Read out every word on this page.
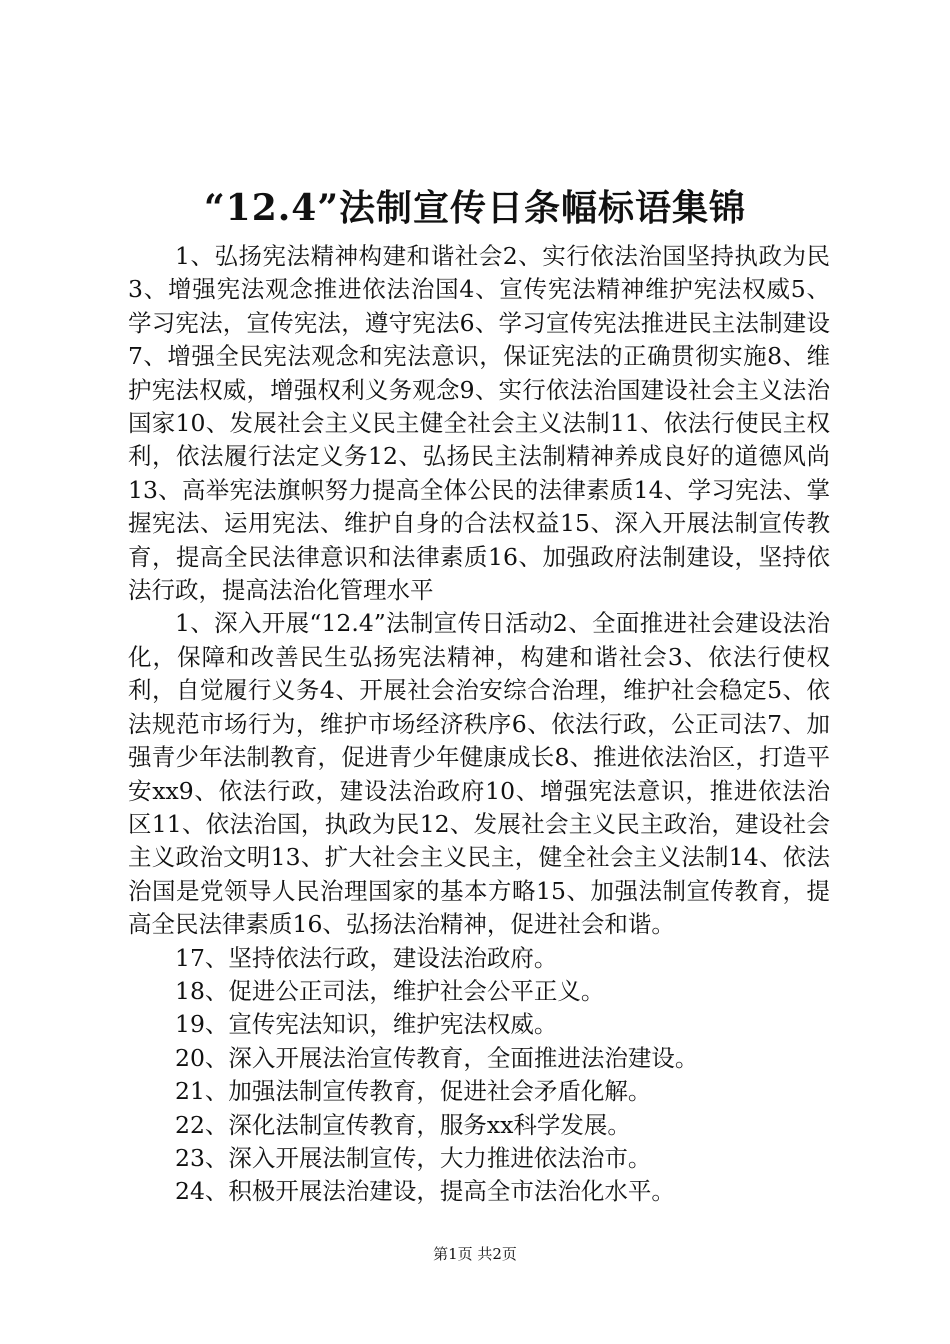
“12.4”法制宣传日条幅标语集锦

1、弘扬宪法精神构建和谐社会2、实行依法治国坚持执政为民3、增强宪法观念推进依法治国4、宣传宪法精神维护宪法权威5、学习宪法，宣传宪法，遵守宪法6、学习宣传宪法推进民主法制建设7、增强全民宪法观念和宪法意识，保证宪法的正确贯彻实施8、维护宪法权威，增强权利义务观念9、实行依法治国建设社会主义法治国家10、发展社会主义民主健全社会主义法制11、依法行使民主权利，依法履行法定义务12、弘扬民主法制精神养成良好的道德风尚13、高举宪法旗帜努力提高全体公民的法律素质14、学习宪法、掌握宪法、运用宪法、维护自身的合法权益15、深入开展法制宣传教育，提高全民法律意识和法律素质16、加强政府法制建设，坚持依法行政，提高法治化管理水平

1、深入开展“12.4”法制宣传日活动2、全面推进社会建设法治化，保障和改善民生弘扬宪法精神，构建和谐社会3、依法行使权利，自觉履行义务4、开展社会治安综合治理，维护社会稳定5、依法规范市场行为，维护市场经济秩序6、依法行政，公正司法7、加强青少年法制教育，促进青少年健康成长8、推进依法治区，打造平安xx9、依法行政，建设法治政府10、增强宪法意识，推进依法治区11、依法治国，执政为民12、发展社会主义民主政治，建设社会主义政治文明13、扩大社会主义民主，健全社会主义法制14、依法治国是党领导人民治理国家的基本方略15、加强法制宣传教育，提高全民法律素质16、弘扬法治精神，促进社会和谐。

17、坚持依法行政，建设法治政府。

18、促进公正司法，维护社会公平正义。

19、宣传宪法知识，维护宪法权威。

20、深入开展法治宣传教育，全面推进法治建设。

21、加强法制宣传教育，促进社会矛盾化解。

22、深化法制宣传教育，服务xx科学发展。

23、深入开展法制宣传，大力推进依法治市。

24、积极开展法治建设，提高全市法治化水平。

第1页 共2页
